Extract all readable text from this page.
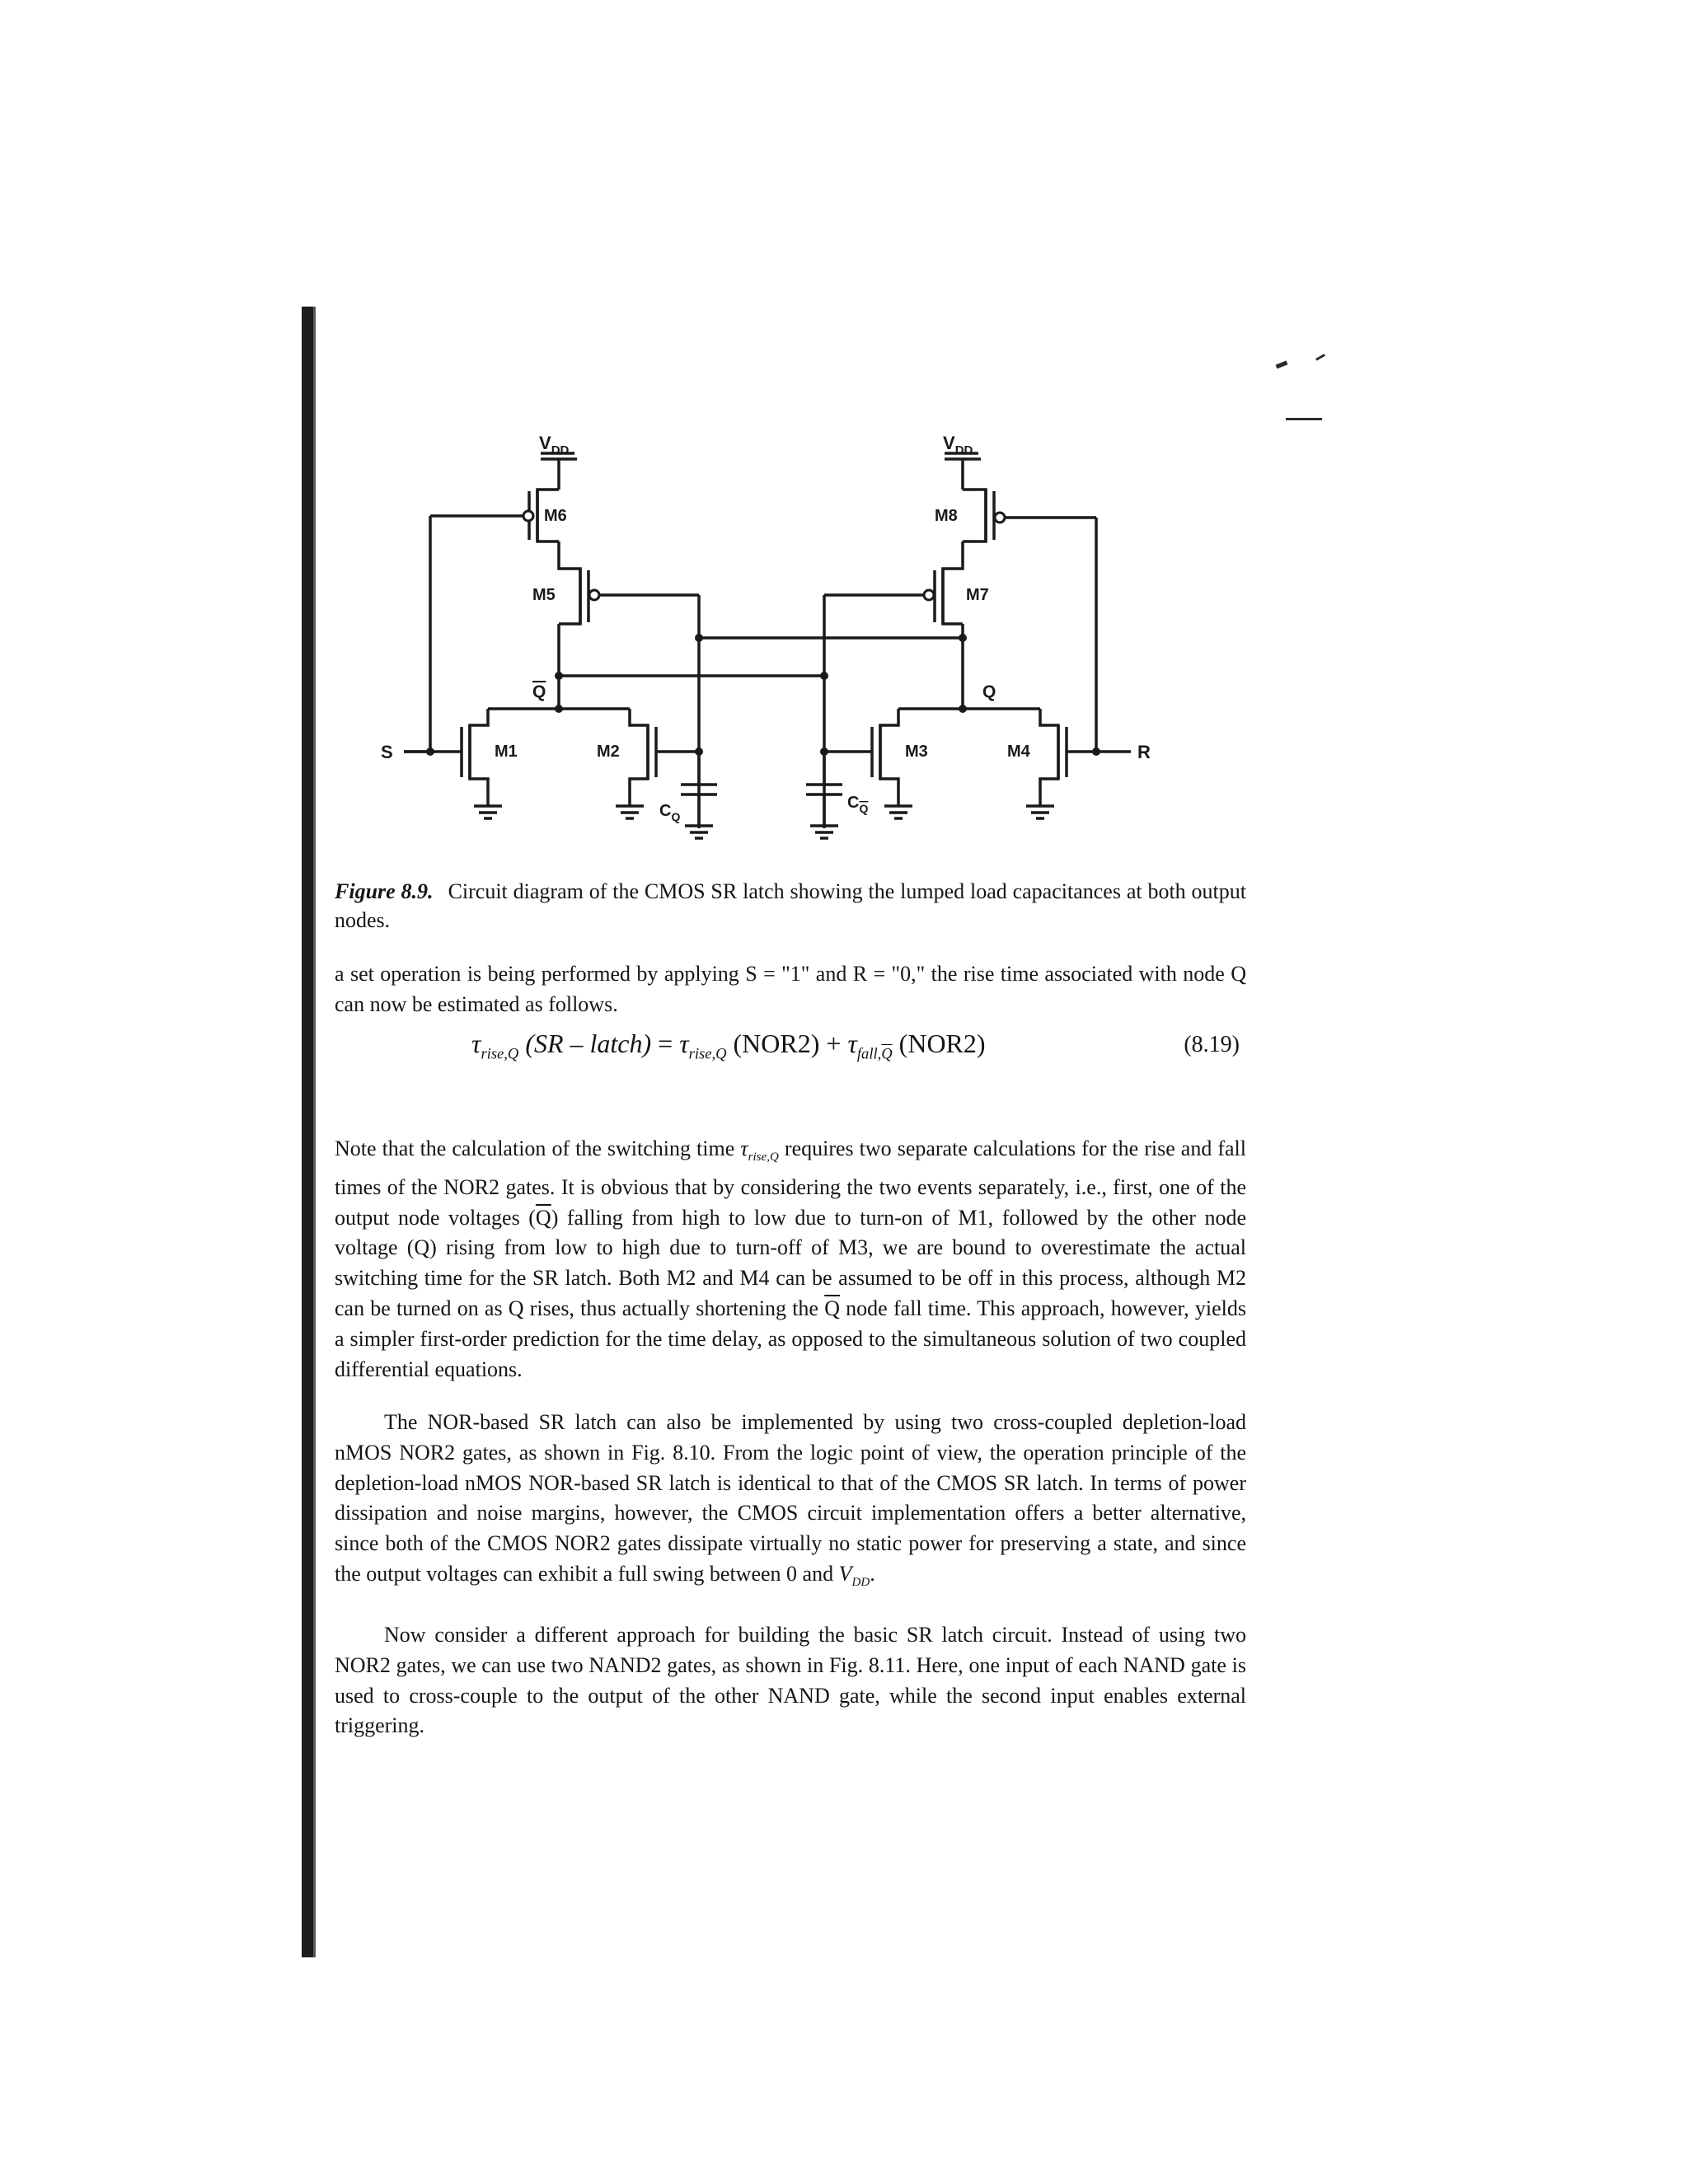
$V_{DD}$	$V_{DD}$
M6
M5
M8
M7
Q	Q
M1
S	M2
$C_Q$
$C_Q$
M3	M4	R
Figure 8.9. Circuit diagram of the CMOS SR latch showing the lumped load capacitances at both output nodes.

a set operation is being performed by applying S = "1" and R = "0," the rise time associated with node Q can now be estimated as follows.

$\tau_{rise,Q}$ (SR – latch) = $\tau_{rise,Q}$ $(NOR2) + \tau_{fall,\overline{Q}}$ (NOR2)	(8.19)

Note that the calculation of the switching time $\tau_{rise,Q}$ requires two separate calculations for the rise and fall times of the NOR2 gates. It is obvious that by considering the two events separately, i.e., first, one of the output node voltages $(\overline{Q})$ falling from high to low due to turn-on of M1, followed by the other node voltage (Q) rising from low to high due to turn-off of M3, we are bound to overestimate the actual switching time for the SR latch. Both M2 and M4 can be assumed to be off in this process, although M2 can be turned on as Q rises, thus actually shortening the $\overline{Q}$ node fall time. This approach, however, yields a simpler first-order prediction for the time delay, as opposed to the simultaneous solution of two coupled differential equations.

The NOR-based SR latch can also be implemented by using two cross-coupled depletion-load nMOS NOR2 gates, as shown in Fig. 8.10. From the logic point of view, the operation principle of the depletion-load nMOS NOR-based SR latch is identical to that of the CMOS SR latch. In terms of power dissipation and noise margins, however, the CMOS circuit implementation offers a better alternative, since both of the CMOS NOR2 gates dissipate virtually no static power for preserving a state, and since the output voltages can exhibit a full swing between 0 and $V_{DD}$.

Now consider a different approach for building the basic SR latch circuit. Instead of using two NOR2 gates, we can use two NAND2 gates, as shown in Fig. 8.11. Here, one input of each NAND gate is used to cross-couple to the output of the other NAND gate, while the second input enables external triggering.
